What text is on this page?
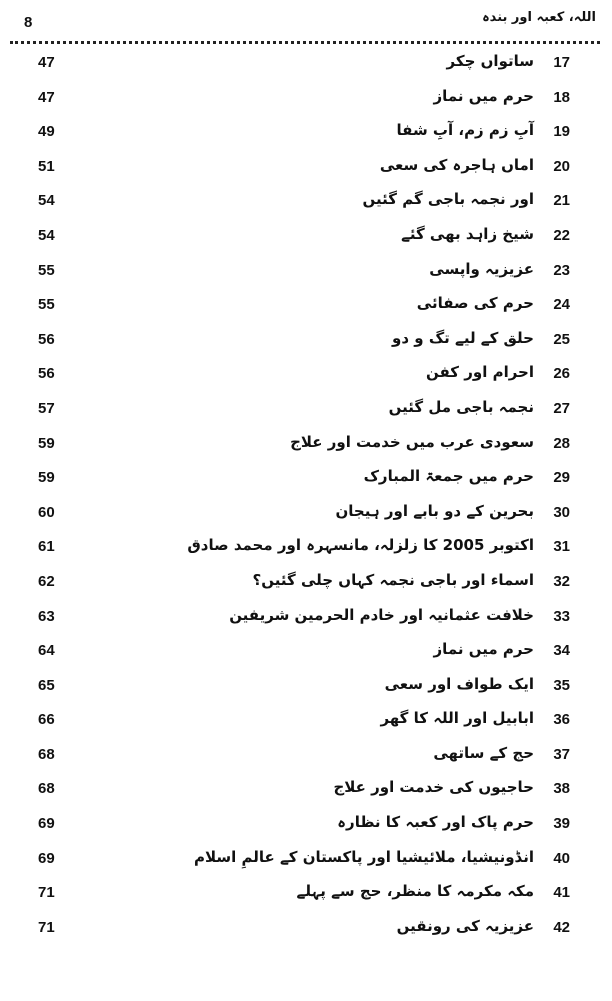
8	اللہ، کعبہ اور بندہ
47	ساتواں چکر 17
47	حرم میں نماز 18
49	آبِ زم زم، آبِ شفا 19
51	اماں ہاجرہ کی سعی 20
54	اور نجمہ باجی گم گئیں 21
54	شیخ زاہد بھی گئے 22
55	عزیزیہ واپسی 23
55	حرم کی صفائی 24
56	حلق کے لیے تگ و دو 25
56	احرام اور کفن 26
57	نجمہ باجی مل گئیں 27
59	سعودی عرب میں خدمت اور علاج 28
59	حرم میں جمعۃ المبارک 29
60	بحرین کے دو بابے اور ہیجان 30
61	اکتوبر 2005 کا زلزلہ، مانسہرہ اور محمد صادق 31
62	اسماء اور باجی نجمہ کہاں چلی گئیں؟ 32
63	خلافت عثمانیہ اور خادم الحرمین شریفین 33
64	حرم میں نماز 34
65	ایک طواف اور سعی 35
66	ابابیل اور اللہ کا گھر 36
68	حج کے ساتھی 37
68	حاجیوں کی خدمت اور علاج 38
69	حرم پاک اور کعبہ کا نظارہ 39
69	انڈونیشیا، ملائیشیا اور پاکستان کے عالمِ اسلام 40
71	مکہ مکرمہ کا منظر، حج سے پہلے 41
71	عزیزیہ کی رونقیں 42
